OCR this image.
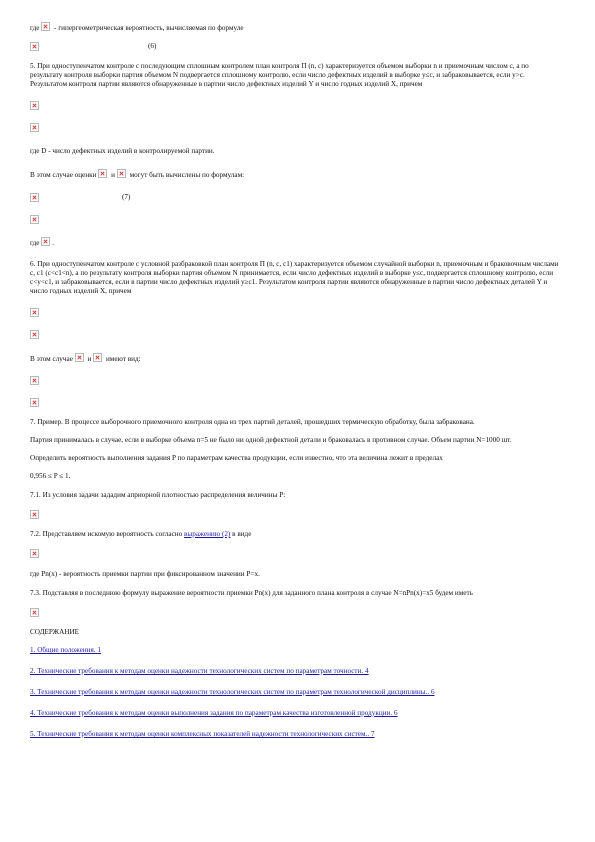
где - гипергеометрическая вероятность, вычисляемая по формуле
(6)

5. При одноступенчатом контроле с последующим сплошным контролем план контроля П (n, c) характеризуется объемом выборки n и приемочным числом c, а по результату контроля выборки партия объемом N подвергается сплошному контролю, если число дефектных изделий в выборке y≤c, и забраковывается, если y>c. Результатом контроля партии являются обнаруженные в партии число дефектных изделий Y и число годных изделий X, причем

где D - число дефектных изделий в контролируемой партии.

В этом случае оценки и могут быть вычислены по формулам:
(7)
где .

6. При одноступенчатом контроле с условной разбраковкой план контроля П (n, c, c1) характеризуется объемом случайной выборки n, приемочным и браковочным числами c, c1 (c<c1<n), а по результату контроля выборки партия объемом N принимается, если число дефектных изделий в выборке y≤c, подвергается сплошному контролю, если c<y<c1, и забраковывается, если в партии число дефектных изделий y≥c1. Результатом контроля партии являются обнаруженные в партии число дефектных деталей Y и число годных изделий X, причем

В этом случае и имеют вид:

7. Пример. В процессе выборочного приемочного контроля одна из трех партий деталей, прошедших термическую обработку, была забракована.

Партия принималась в случае, если в выборке объема n=5 не было ни одной дефектной детали и браковалась в противном случае. Объем партии N=1000 шт.

Определить вероятность выполнения задания P по параметрам качества продукции, если известно, что эта величина лежит в пределах

0,956 ≤ P ≤ 1.

7.1. Из условия задачи зададим априорной плотностью распределения величины P:

7.2. Представляем искомую вероятность согласно выражению (2) в виде

где Pn(x) - вероятность приемки партии при фиксированном значении P=x.

7.3. Подставляя в последнюю формулу выражение вероятности приемки Pn(x) для заданного плана контроля в случае N=nPn(x)=x5 будем иметь

СОДЕРЖАНИЕ

1. Общие положения. 1

2. Технические требования к методам оценки надежности технологических систем по параметрам точности. 4

3. Технические требования к методам оценки надежности технологических систем по параметрам технологической дисциплины.. 6

4. Технические требования к методам оценки выполнения задания по параметрам качества изготовленной продукции. 6

5. Технические требования к методам оценки комплексных показателей надежности технологических систем.. 7
